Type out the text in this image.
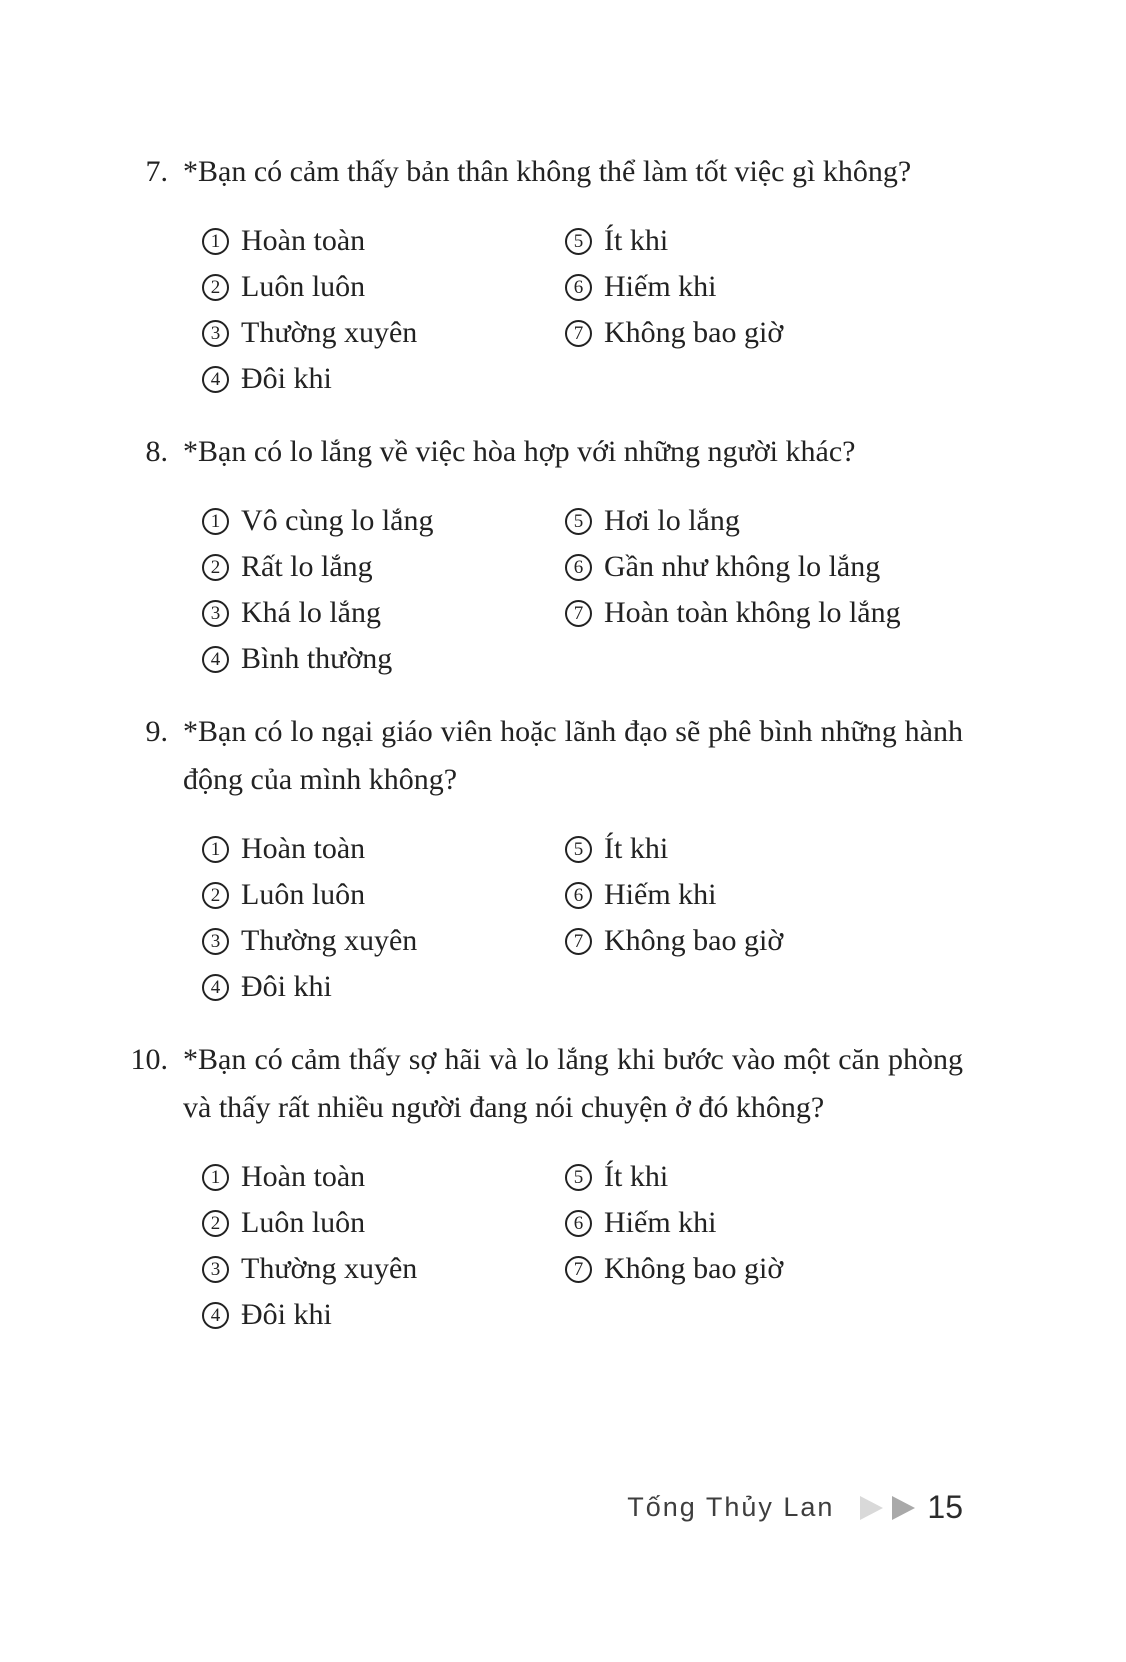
7. *Bạn có cảm thấy bản thân không thể làm tốt việc gì không?
1 Hoàn toàn
2 Luôn luôn
3 Thường xuyên
4 Đôi khi
5 Ít khi
6 Hiếm khi
7 Không bao giờ
8. *Bạn có lo lắng về việc hòa hợp với những người khác?
1 Vô cùng lo lắng
2 Rất lo lắng
3 Khá lo lắng
4 Bình thường
5 Hơi lo lắng
6 Gần như không lo lắng
7 Hoàn toàn không lo lắng
9. *Bạn có lo ngại giáo viên hoặc lãnh đạo sẽ phê bình những hành động của mình không?
1 Hoàn toàn
2 Luôn luôn
3 Thường xuyên
4 Đôi khi
5 Ít khi
6 Hiếm khi
7 Không bao giờ
10. *Bạn có cảm thấy sợ hãi và lo lắng khi bước vào một căn phòng và thấy rất nhiều người đang nói chuyện ở đó không?
1 Hoàn toàn
2 Luôn luôn
3 Thường xuyên
4 Đôi khi
5 Ít khi
6 Hiếm khi
7 Không bao giờ
Tống Thủy Lan	15
